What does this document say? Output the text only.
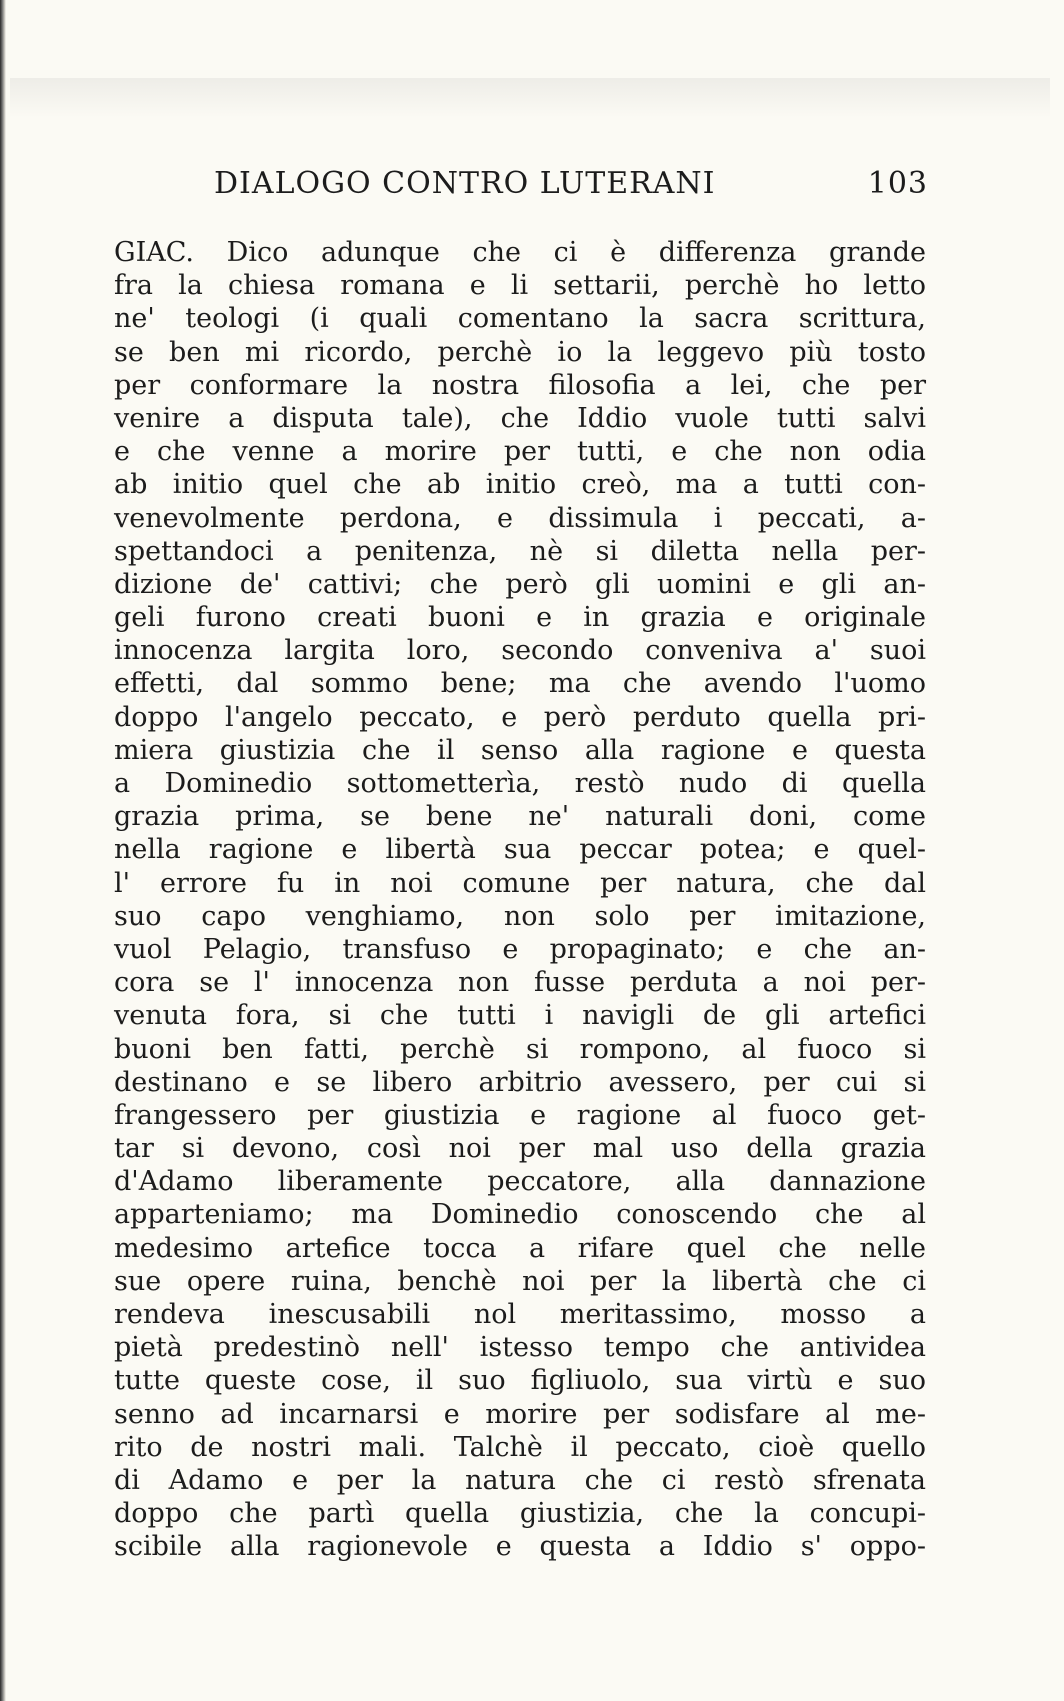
DIALOGO CONTRO LUTERANI	103
GIAC. Dico adunque che ci è differenza grande
fra la chiesa romana e li settarii, perchè ho letto
ne' teologi (i quali comentano la sacra scrittura,
se ben mi ricordo, perchè io la leggevo più tosto
per conformare la nostra filosofia a lei, che per
venire a disputa tale), che Iddio vuole tutti salvi
e che venne a morire per tutti, e che non odia
ab initio quel che ab initio creò, ma a tutti con-
venevolmente perdona, e dissimula i peccati, a-
spettandoci a penitenza, nè si diletta nella per-
dizione de' cattivi; che però gli uomini e gli an-
geli furono creati buoni e in grazia e originale
innocenza largita loro, secondo conveniva a' suoi
effetti, dal sommo bene; ma che avendo l'uomo
doppo l'angelo peccato, e però perduto quella pri-
miera giustizia che il senso alla ragione e questa
a Dominedio sottometterìa, restò nudo di quella
grazia prima, se bene ne' naturali doni, come
nella ragione e libertà sua peccar potea; e quel-
l' errore fu in noi comune per natura, che dal
suo capo venghiamo, non solo per imitazione,
vuol Pelagio, transfuso e propaginato; e che an-
cora se l' innocenza non fusse perduta a noi per-
venuta fora, si che tutti i navigli de gli artefici
buoni ben fatti, perchè si rompono, al fuoco si
destinano e se libero arbitrio avessero, per cui si
frangessero per giustizia e ragione al fuoco get-
tar si devono, così noi per mal uso della grazia
d'Adamo liberamente peccatore, alla dannazione
apparteniamo; ma Dominedio conoscendo che al
medesimo artefice tocca a rifare quel che nelle
sue opere ruina, benchè noi per la libertà che ci
rendeva inescusabili nol meritassimo, mosso a
pietà predestinò nell' istesso tempo che antividea
tutte queste cose, il suo figliuolo, sua virtù e suo
senno ad incarnarsi e morire per sodisfare al me-
rito de nostri mali. Talchè il peccato, cioè quello
di Adamo e per la natura che ci restò sfrenata
doppo che partì quella giustizia, che la concupi-
scibile alla ragionevole e questa a Iddio s' oppo-
